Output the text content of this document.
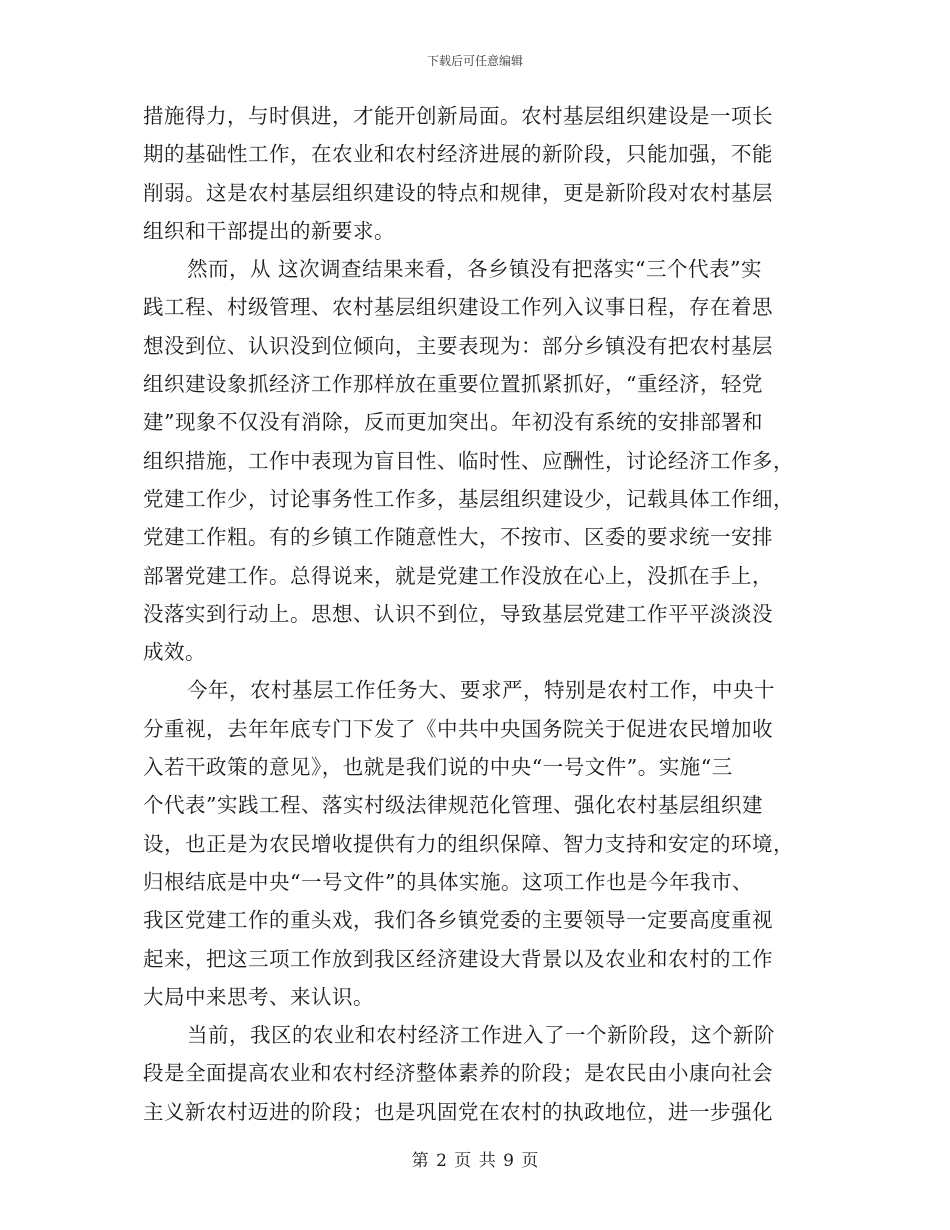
下载后可任意编辑
措施得力，与时俱进，才能开创新局面。农村基层组织建设是一项长
期的基础性工作，在农业和农村经济进展的新阶段，只能加强，不能
削弱。这是农村基层组织建设的特点和规律，更是新阶段对农村基层
组织和干部提出的新要求。
然而，从 这次调查结果来看，各乡镇没有把落实“三个代表”实
践工程、村级管理、农村基层组织建设工作列入议事日程，存在着思
想没到位、认识没到位倾向，主要表现为：部分乡镇没有把农村基层
组织建设象抓经济工作那样放在重要位置抓紧抓好，“重经济，轻党
建”现象不仅没有消除，反而更加突出。年初没有系统的安排部署和
组织措施，工作中表现为盲目性、临时性、应酬性，讨论经济工作多，
党建工作少，讨论事务性工作多，基层组织建设少，记载具体工作细，
党建工作粗。有的乡镇工作随意性大，不按市、区委的要求统一安排
部署党建工作。总得说来，就是党建工作没放在心上，没抓在手上，
没落实到行动上。思想、认识不到位，导致基层党建工作平平淡淡没
成效。
今年，农村基层工作任务大、要求严，特别是农村工作，中央十
分重视，去年年底专门下发了《中共中央国务院关于促进农民增加收
入若干政策的意见》，也就是我们说的中央“一号文件”。实施“三
个代表”实践工程、落实村级法律规范化管理、强化农村基层组织建
设，也正是为农民增收提供有力的组织保障、智力支持和安定的环境，
归根结底是中央“一号文件”的具体实施。这项工作也是今年我市、
我区党建工作的重头戏，我们各乡镇党委的主要领导一定要高度重视
起来，把这三项工作放到我区经济建设大背景以及农业和农村的工作
大局中来思考、来认识。
当前，我区的农业和农村经济工作进入了一个新阶段，这个新阶
段是全面提高农业和农村经济整体素养的阶段；是农民由小康向社会
主义新农村迈进的阶段；也是巩固党在农村的执政地位，进一步强化
第 2 页 共 9 页
